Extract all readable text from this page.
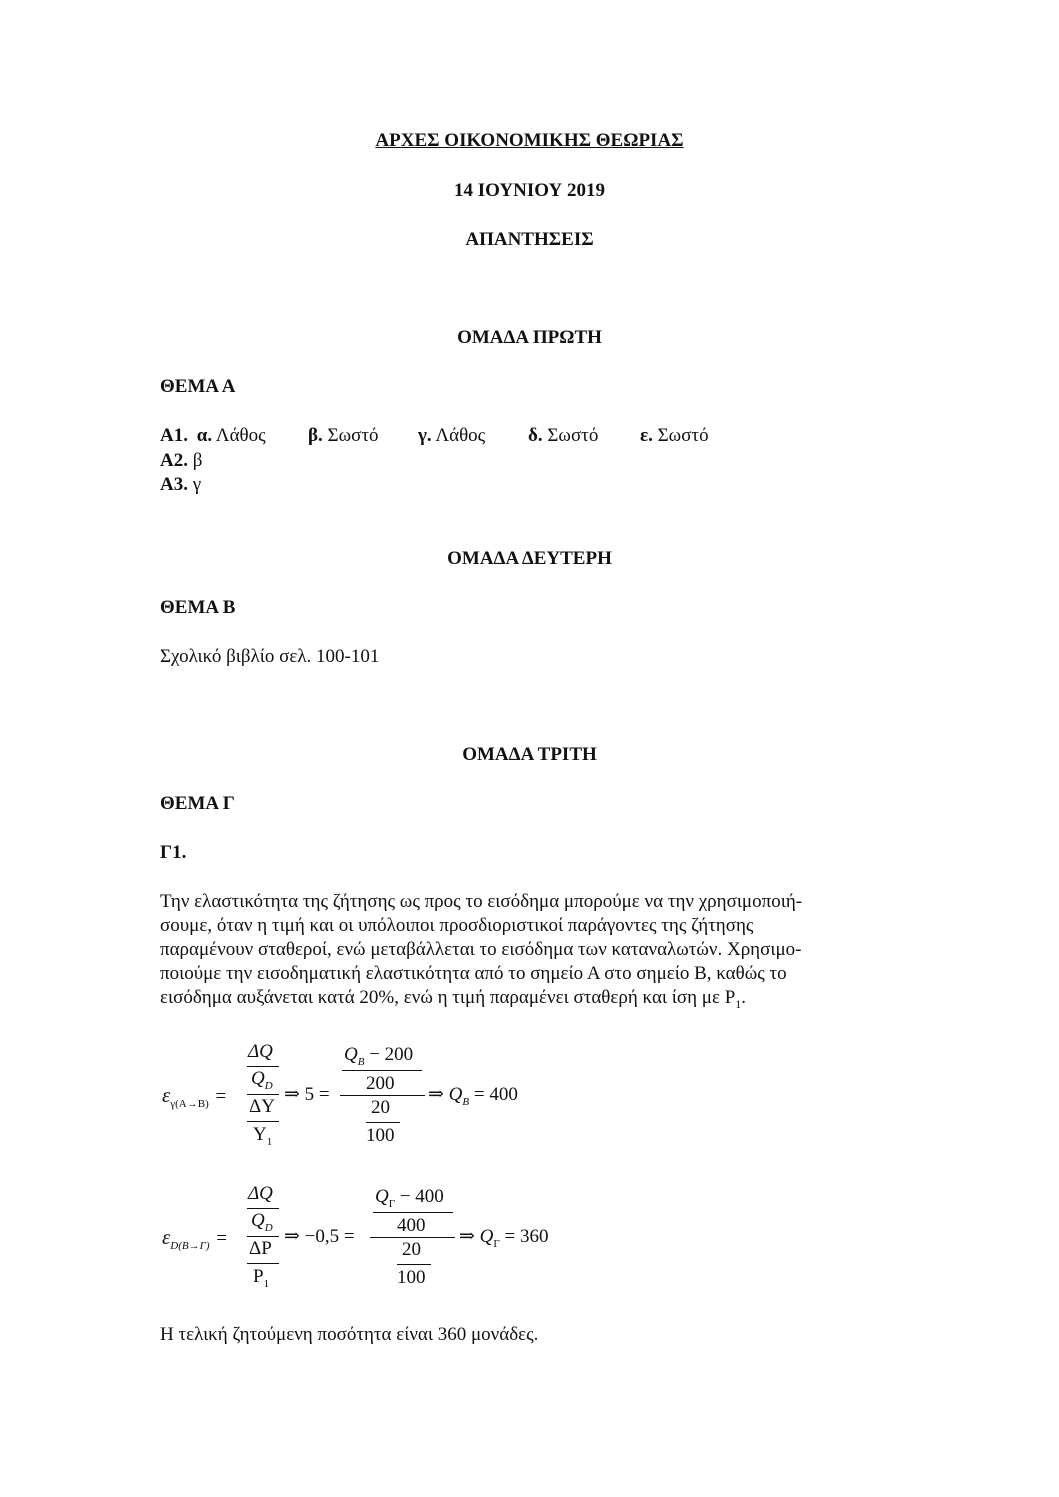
ΑΡΧΕΣ ΟΙΚΟΝΟΜΙΚΗΣ ΘΕΩΡΙΑΣ
14 ΙΟΥΝΙΟΥ 2019
ΑΠΑΝΤΗΣΕΙΣ
ΟΜΑΔΑ ΠΡΩΤΗ
ΘΕΜΑ Α
Α1. α. Λάθος β. Σωστό γ. Λάθος δ. Σωστό ε. Σωστό
Α2. β
Α3. γ
ΟΜΑΔΑ ΔΕΥΤΕΡΗ
ΘΕΜΑ Β
Σχολικό βιβλίο σελ. 100-101
ΟΜΑΔΑ ΤΡΙΤΗ
ΘΕΜΑ Γ
Γ1.
Την ελαστικότητα της ζήτησης ως προς το εισόδημα μπορούμε να την χρησιμοποιή-
σουμε, όταν η τιμή και οι υπόλοιποι προσδιοριστικοί παράγοντες της ζήτησης
παραμένουν σταθεροί, ενώ μεταβάλλεται το εισόδημα των καταναλωτών. Χρησιμο-
ποιούμε την εισοδηματική ελαστικότητα από το σημείο Α στο σημείο Β, καθώς το
εισόδημα αυξάνεται κατά 20%, ενώ η τιμή παραμένει σταθερή και ίση με $P_1$.
$\varepsilon_{\gamma(A\to B)}$ =
ΔQ
$Q_D$
ΔY
$Y_1$
⇒ 5 =
$Q_B - 200$
200
20
100
⇒ $Q_B = 400$
$\varepsilon_{D(B\to\Gamma)}$ =
ΔQ
$Q_D$
ΔP
$P_1$
⇒ −0,5 =
$Q_\Gamma - 400$
400
20
100
⇒ $Q_\Gamma = 360$
Η τελική ζητούμενη ποσότητα είναι 360 μονάδες.
